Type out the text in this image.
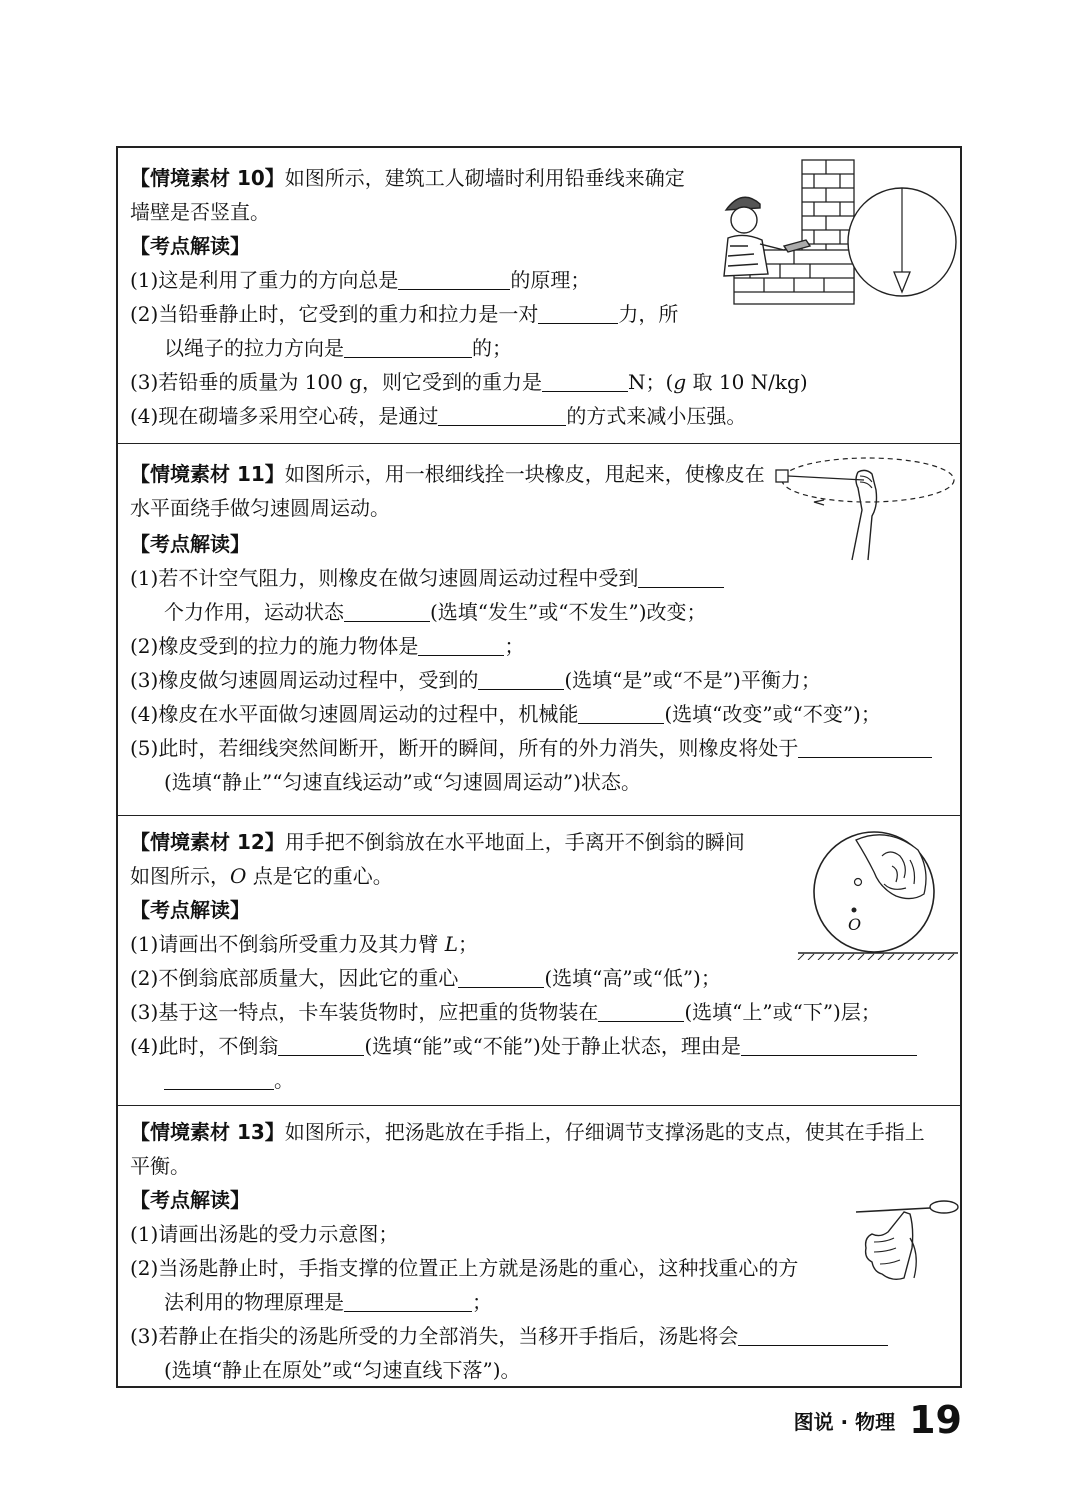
【情境素材 10】如图所示，建筑工人砌墙时利用铅垂线来确定
墙壁是否竖直。
【考点解读】
(1)这是利用了重力的方向总是	的原理；
(2)当铅垂静止时，它受到的重力和拉力是一对	力，所
以绳子的拉力方向是	的；
(3)若铅垂的质量为 100 g，则它受到的重力是	N；(g 取 10 N/kg)
(4)现在砌墙多采用空心砖，是通过	的方式来减小压强。
【情境素材 11】如图所示，用一根细线拴一块橡皮，甩起来，使橡皮在
水平面绕手做匀速圆周运动。
【考点解读】
(1)若不计空气阻力，则橡皮在做匀速圆周运动过程中受到
个力作用，运动状态	(选填“发生”或“不发生”)改变；
(2)橡皮受到的拉力的施力物体是	；
(3)橡皮做匀速圆周运动过程中，受到的	(选填“是”或“不是”)平衡力；
(4)橡皮在水平面做匀速圆周运动的过程中，机械能	(选填“改变”或“不变”)；
(5)此时，若细线突然间断开，断开的瞬间，所有的外力消失，则橡皮将处于
(选填“静止”“匀速直线运动”或“匀速圆周运动”)状态。
【情境素材 12】用手把不倒翁放在水平地面上，手离开不倒翁的瞬间
如图所示，O 点是它的重心。
【考点解读】
(1)请画出不倒翁所受重力及其力臂 L；
(2)不倒翁底部质量大，因此它的重心	(选填“高”或“低”)；
(3)基于这一特点，卡车装货物时，应把重的货物装在	(选填“上”或“下”)层；
(4)此时，不倒翁	(选填“能”或“不能”)处于静止状态，理由是
。
O
【情境素材 13】如图所示，把汤匙放在手指上，仔细调节支撑汤匙的支点，使其在手指上
平衡。
【考点解读】
(1)请画出汤匙的受力示意图；
(2)当汤匙静止时，手指支撑的位置正上方就是汤匙的重心，这种找重心的方
法利用的物理原理是	；
(3)若静止在指尖的汤匙所受的力全部消失，当移开手指后，汤匙将会
(选填“静止在原处”或“匀速直线下落”)。
图说 · 物理 19
